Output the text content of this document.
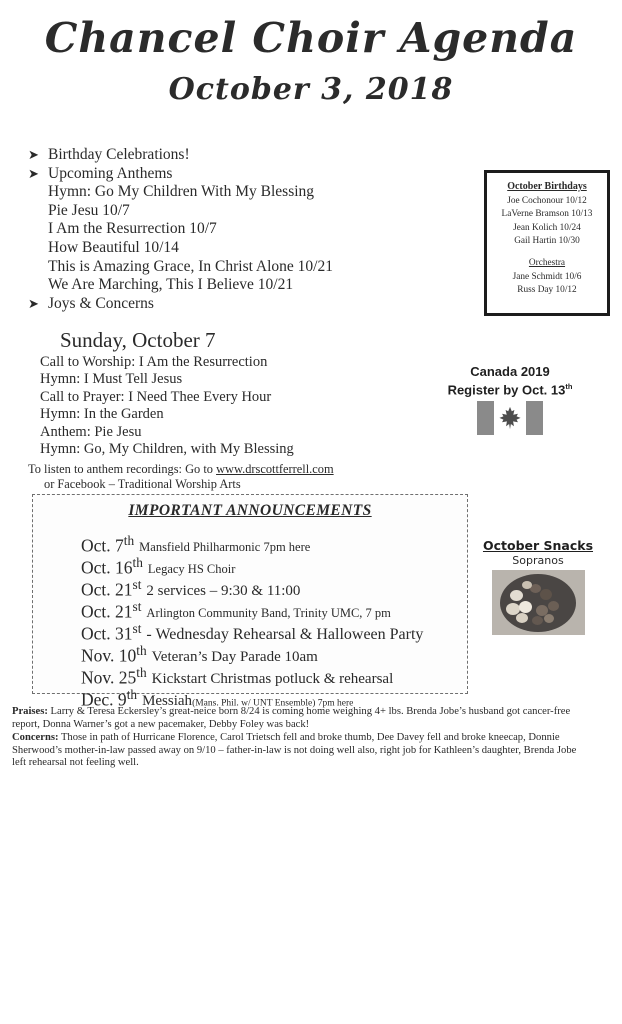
Chancel Choir Agenda
October 3, 2018
➤ Birthday Celebrations!
➤ Upcoming Anthems
Hymn: Go My Children With My Blessing
Pie Jesu 10/7
I Am the Resurrection 10/7
How Beautiful 10/14
This is Amazing Grace, In Christ Alone 10/21
We Are Marching, This I Believe 10/21
➤ Joys & Concerns
October Birthdays
Joe Cochonour 10/12
LaVerne Bramson 10/13
Jean Kolich 10/24
Gail Hartin 10/30
Orchestra
Jane Schmidt 10/6
Russ Day 10/12
Sunday, October 7
Call to Worship: I Am the Resurrection
Hymn: I Must Tell Jesus
Call to Prayer: I Need Thee Every Hour
Hymn: In the Garden
Anthem: Pie Jesu
Hymn: Go, My Children, with My Blessing
Canada 2019
Register by Oct. 13th
To listen to anthem recordings: Go to www.drscottferrell.com
or Facebook – Traditional Worship Arts
IMPORTANT ANNOUNCEMENTS
Oct. 7th Mansfield Philharmonic 7pm here
Oct. 16th Legacy HS Choir
Oct. 21st 2 services – 9:30 & 11:00
Oct. 21st Arlington Community Band, Trinity UMC, 7 pm
Oct. 31st - Wednesday Rehearsal & Halloween Party
Nov. 10th Veteran’s Day Parade 10am
Nov. 25th Kickstart Christmas potluck & rehearsal
Dec. 9th Messiah(Mans. Phil. w/ UNT Ensemble) 7pm here
October Snacks
Sopranos

Praises: Larry & Teresa Eckersley’s great-neice born 8/24 is coming home weighing 4+ lbs. Brenda Jobe’s husband got cancer-free report, Donna Warner’s got a new pacemaker, Debby Foley was back!

Concerns: Those in path of Hurricane Florence, Carol Trietsch fell and broke thumb, Dee Davey fell and broke kneecap, Donnie Sherwood’s mother-in-law passed away on 9/10 – father-in-law is not doing well also, right job for Kathleen’s daughter, Brenda Jobe left rehearsal not feeling well.
